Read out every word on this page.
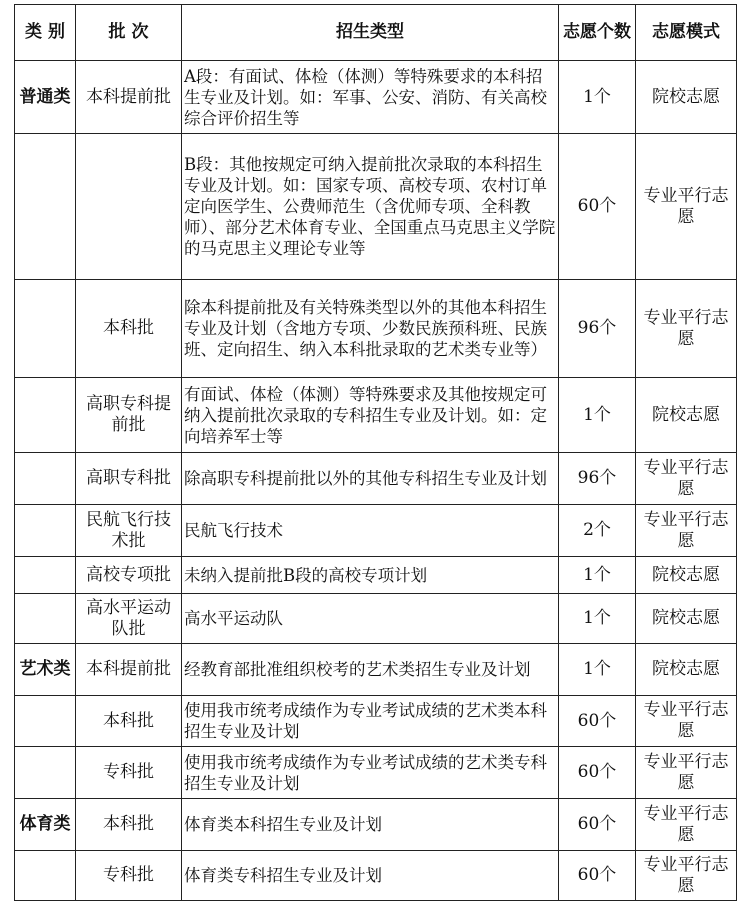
类 别	批 次	招生类型	志愿个数	志愿模式
普通类	本科提前批	A段：有面试、体检（体测）等特殊要求的本科招生专业及计划。如：军事、公安、消防、有关高校综合评价招生等	1个	院校志愿
		B段：其他按规定可纳入提前批次录取的本科招生专业及计划。如：国家专项、高校专项、农村订单定向医学生、公费师范生（含优师专项、全科教师）、部分艺术体育专业、全国重点马克思主义学院的马克思主义理论专业等	60个	专业平行志愿
	本科批	除本科提前批及有关特殊类型以外的其他本科招生专业及计划（含地方专项、少数民族预科班、民族班、定向招生、纳入本科批录取的艺术类专业等）	96个	专业平行志愿
	高职专科提前批	有面试、体检（体测）等特殊要求及其他按规定可纳入提前批次录取的专科招生专业及计划。如：定向培养军士等	1个	院校志愿
	高职专科批	除高职专科提前批以外的其他专科招生专业及计划	96个	专业平行志愿
	民航飞行技术批	民航飞行技术	2个	专业平行志愿
	高校专项批	未纳入提前批B段的高校专项计划	1个	院校志愿
	高水平运动队批	高水平运动队	1个	院校志愿
艺术类	本科提前批	经教育部批准组织校考的艺术类招生专业及计划	1个	院校志愿
	本科批	使用我市统考成绩作为专业考试成绩的艺术类本科招生专业及计划	60个	专业平行志愿
	专科批	使用我市统考成绩作为专业考试成绩的艺术类专科招生专业及计划	60个	专业平行志愿
体育类	本科批	体育类本科招生专业及计划	60个	专业平行志愿
	专科批	体育类专科招生专业及计划	60个	专业平行志愿
